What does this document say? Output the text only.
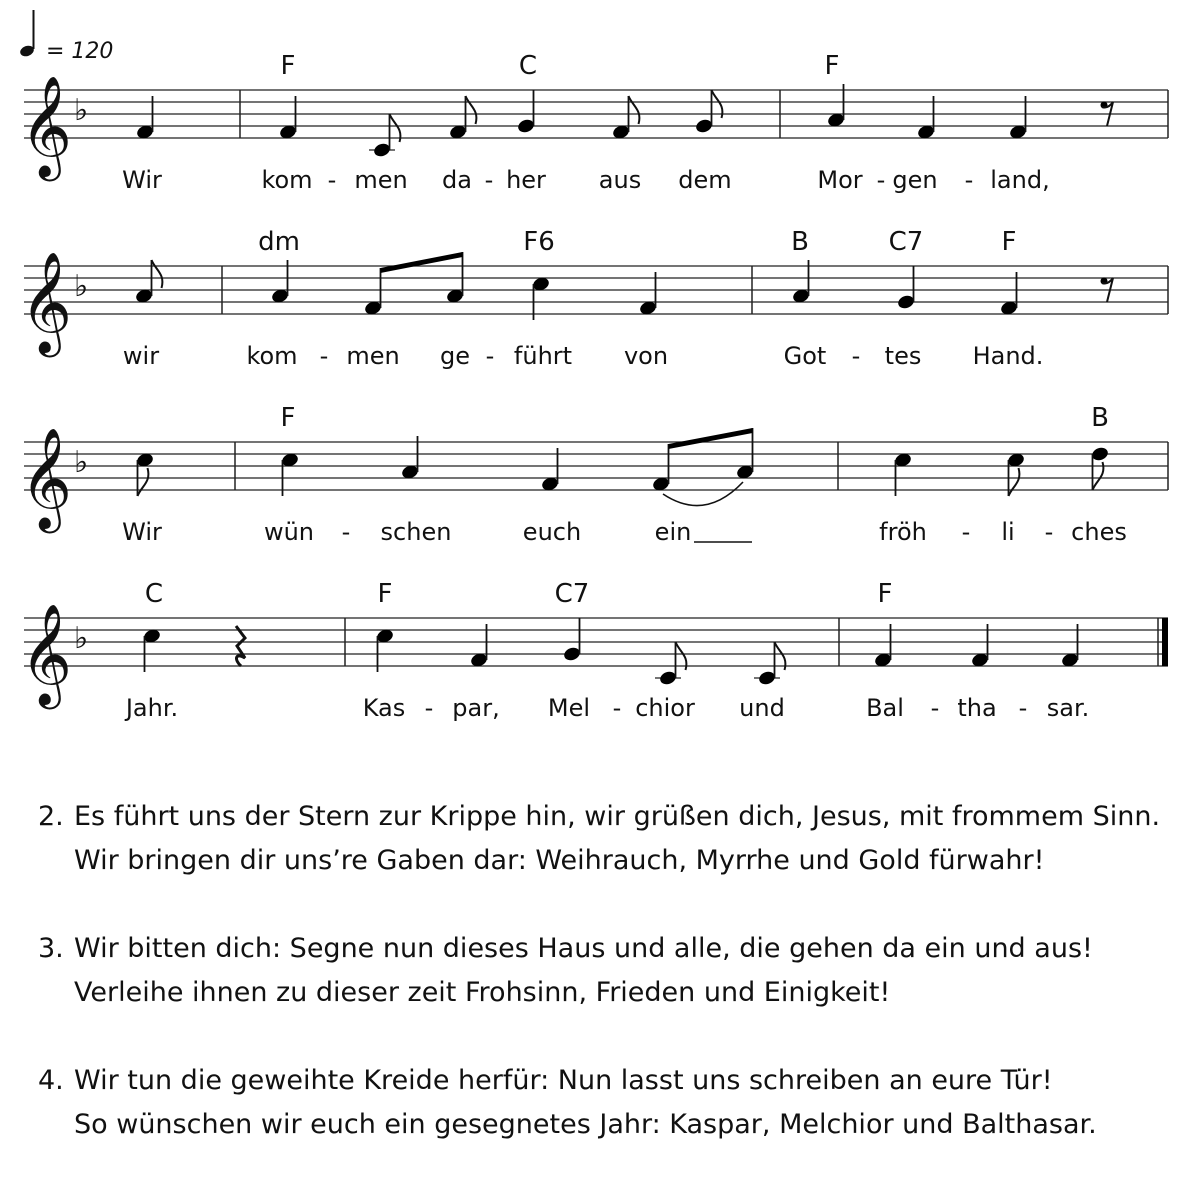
= 120
𝄞 ♭
F	C	F
Wir	kom - men da - her aus dem	Mor - gen - land,
𝄞 ♭
dm	F6	B	C7	F
wir	kom - men ge - führt von	Got - tes Hand.
𝄞 ♭
F	B
Wir	wün - schen	euch	ein	fröh - li - ches
𝄞 ♭
C	F	C7	F
Jahr.	Kas - par, Mel - chior und	Bal - tha - sar.
2. Es führt uns der Stern zur Krippe hin, wir grüßen dich, Jesus, mit frommem Sinn.
Wir bringen dir uns’re Gaben dar: Weihrauch, Myrrhe und Gold fürwahr!
3. Wir bitten dich: Segne nun dieses Haus und alle, die gehen da ein und aus!
Verleihe ihnen zu dieser zeit Frohsinn, Frieden und Einigkeit!
4. Wir tun die geweihte Kreide herfür: Nun lasst uns schreiben an eure Tür!
So wünschen wir euch ein gesegnetes Jahr: Kaspar, Melchior und Balthasar.
